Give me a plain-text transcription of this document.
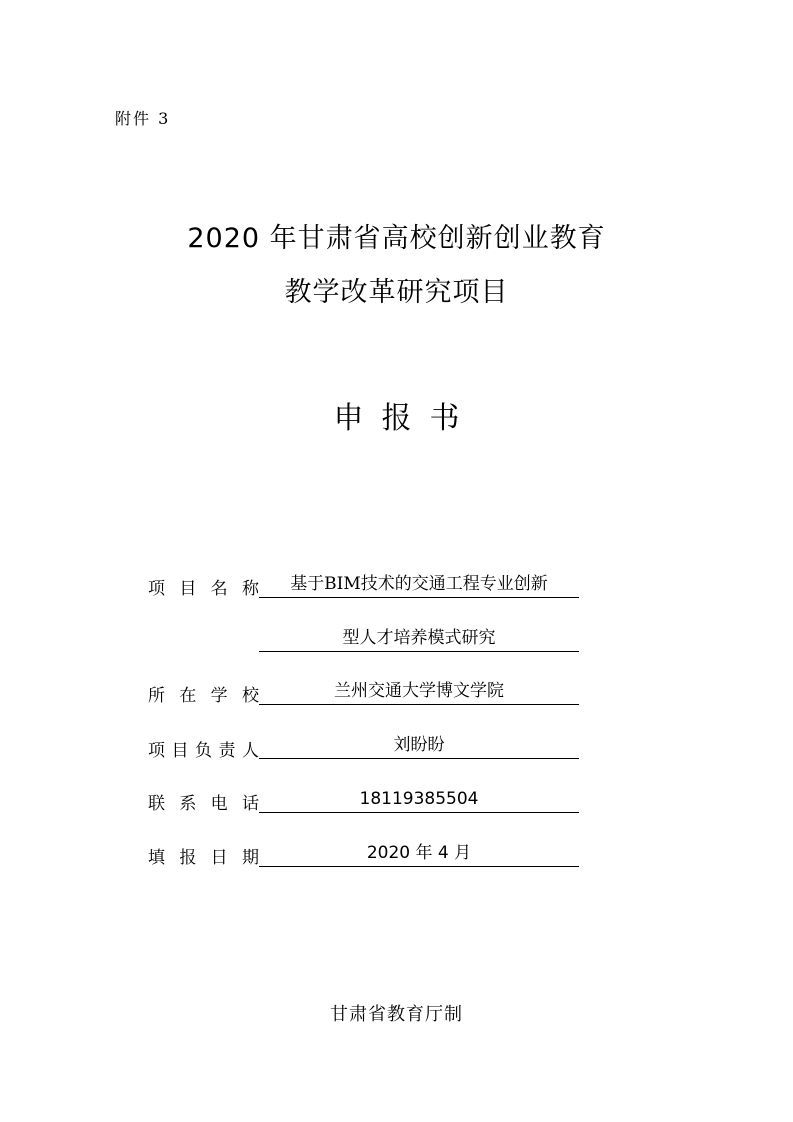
附件 3
2020 年甘肃省高校创新创业教育
教学改革研究项目
申报书
项 目 名 称	基于BIM技术的交通工程专业创新
型人才培养模式研究
所 在 学 校	兰州交通大学博文学院
项 目 负 责 人	刘盼盼
联 系 电 话	18119385504
填 报 日 期	2020 年 4 月
甘肃省教育厅制
